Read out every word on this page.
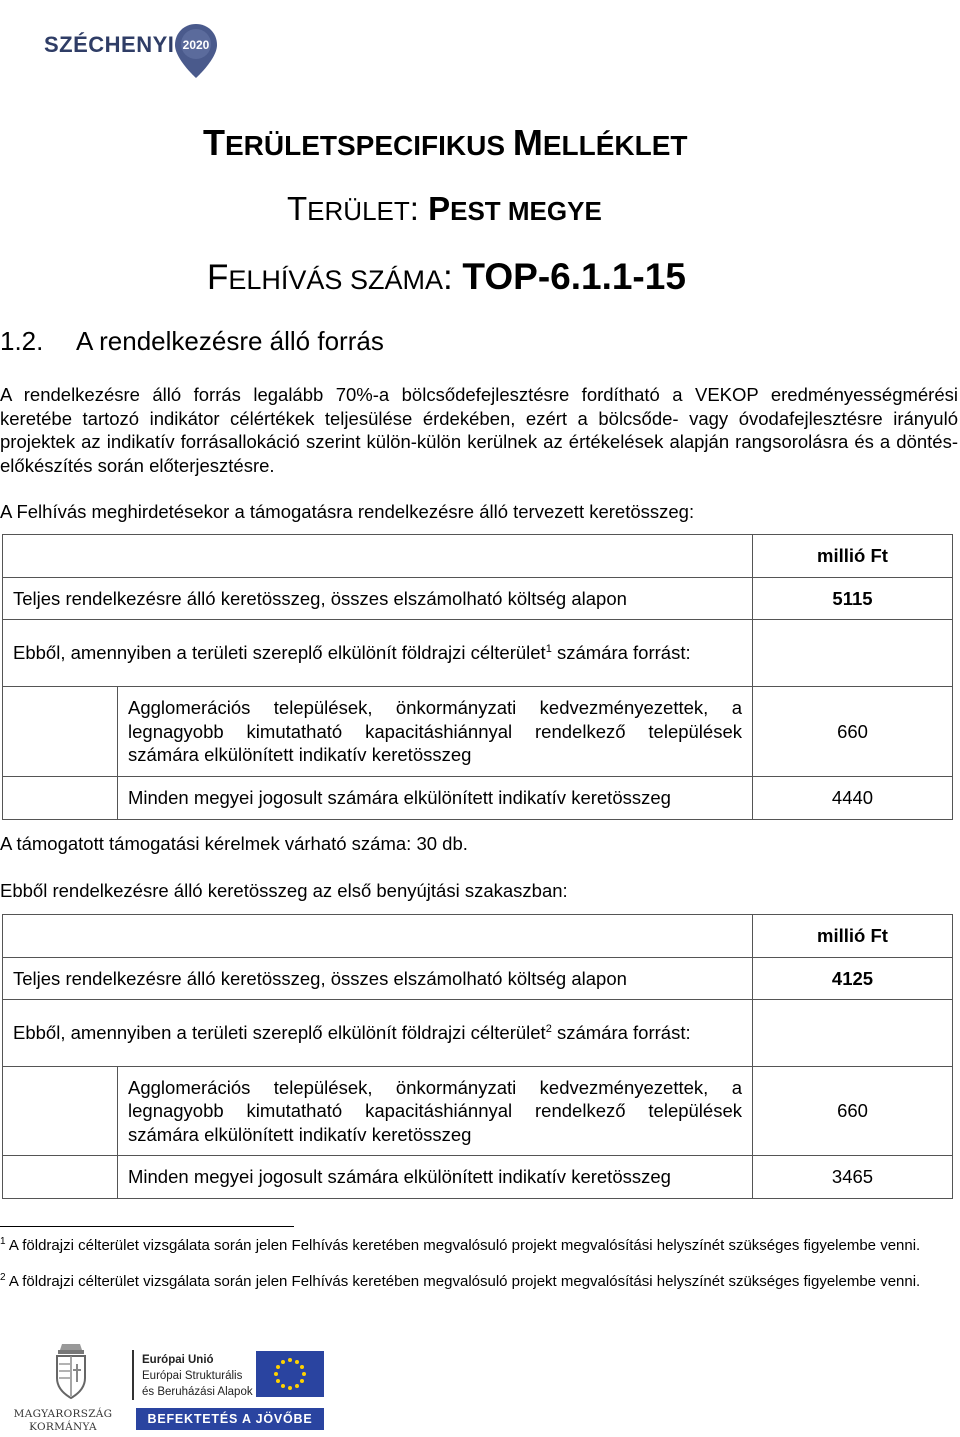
SZÉCHENYI 2020
TERÜLETSPECIFIKUS MELLÉKLET
TERÜLET: PEST MEGYE
FELHÍVÁS SZÁMA: TOP-6.1.1-15
1.2. A rendelkezésre álló forrás

A rendelkezésre álló forrás legalább 70%-a bölcsődefejlesztésre fordítható a VEKOP eredményességmérési keretébe tartozó indikátor célértékek teljesülése érdekében, ezért a bölcsőde- vagy óvodafejlesztésre irányuló projektek az indikatív forrásallokáció szerint külön-külön kerülnek az értékelések alapján rangsorolásra és a döntés-előkészítés során előterjesztésre.

A Felhívás meghirdetésekor a támogatásra rendelkezésre álló tervezett keretösszeg:

		millió Ft
Teljes rendelkezésre álló keretösszeg, összes elszámolható költség alapon		5115
Ebből, amennyiben a területi szereplő elkülönít földrajzi célterület$^1$ számára forrást:		
	Agglomerációs települések, önkormányzati kedvezményezettek, a legnagyobb kimutatható kapacitáshiánnyal rendelkező települések számára elkülönített indikatív keretösszeg	660
	Minden megyei jogosult számára elkülönített indikatív keretösszeg	4440

A támogatott támogatási kérelmek várható száma: 30 db.

Ebből rendelkezésre álló keretösszeg az első benyújtási szakaszban:

		millió Ft
Teljes rendelkezésre álló keretösszeg, összes elszámolható költség alapon		4125
Ebből, amennyiben a területi szereplő elkülönít földrajzi célterület$^2$ számára forrást:		
	Agglomerációs települések, önkormányzati kedvezményezettek, a legnagyobb kimutatható kapacitáshiánnyal rendelkező települések számára elkülönített indikatív keretösszeg	660
	Minden megyei jogosult számára elkülönített indikatív keretösszeg	3465
$^1$ A földrajzi célterület vizsgálata során jelen Felhívás keretében megvalósuló projekt megvalósítási helyszínét szükséges figyelembe venni.
$^2$ A földrajzi célterület vizsgálata során jelen Felhívás keretében megvalósuló projekt megvalósítási helyszínét szükséges figyelembe venni.
MAGYARORSZÁG
KORMÁNYA
Európai Unió
Európai Strukturális
és Beruházási Alapok
BEFEKTETÉS A JÖVŐBE
